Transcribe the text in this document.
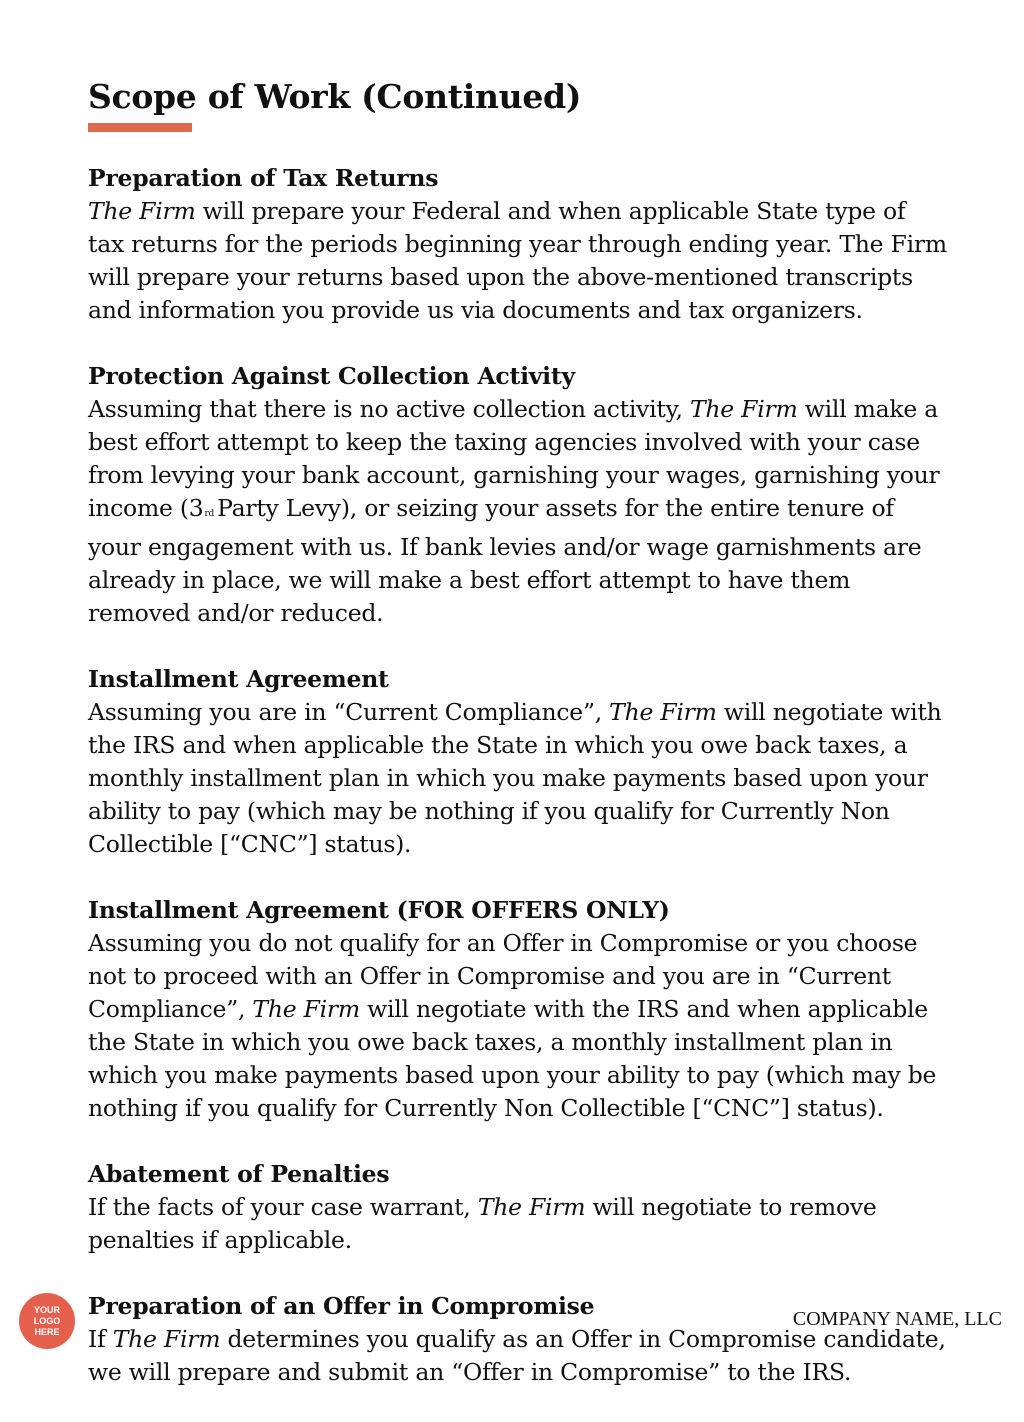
Scope of Work (Continued)
Preparation of Tax Returns

The Firm will prepare your Federal and when applicable State type of tax returns for the periods beginning year through ending year. The Firm will prepare your returns based upon the above-mentioned transcripts and information you provide us via documents and tax organizers.

Protection Against Collection Activity

Assuming that there is no active collection activity, The Firm will make a best effort attempt to keep the taxing agencies involved with your case from levying your bank account, garnishing your wages, garnishing your income (3rd Party Levy), or seizing your assets for the entire tenure of your engagement with us. If bank levies and/or wage garnishments are already in place, we will make a best effort attempt to have them removed and/or reduced.

Installment Agreement

Assuming you are in “Current Compliance”, The Firm will negotiate with the IRS and when applicable the State in which you owe back taxes, a monthly installment plan in which you make payments based upon your ability to pay (which may be nothing if you qualify for Currently Non Collectible [“CNC”] status).

Installment Agreement (FOR OFFERS ONLY)

Assuming you do not qualify for an Offer in Compromise or you choose not to proceed with an Offer in Compromise and you are in “Current Compliance”, The Firm will negotiate with the IRS and when applicable the State in which you owe back taxes, a monthly installment plan in which you make payments based upon your ability to pay (which may be nothing if you qualify for Currently Non Collectible [“CNC”] status).

Abatement of Penalties

If the facts of your case warrant, The Firm will negotiate to remove penalties if applicable.

Preparation of an Offer in Compromise

If The Firm determines you qualify as an Offer in Compromise candidate, we will prepare and submit an “Offer in Compromise” to the IRS.

YOUR
LOGO
HERE
COMPANY NAME, LLC
